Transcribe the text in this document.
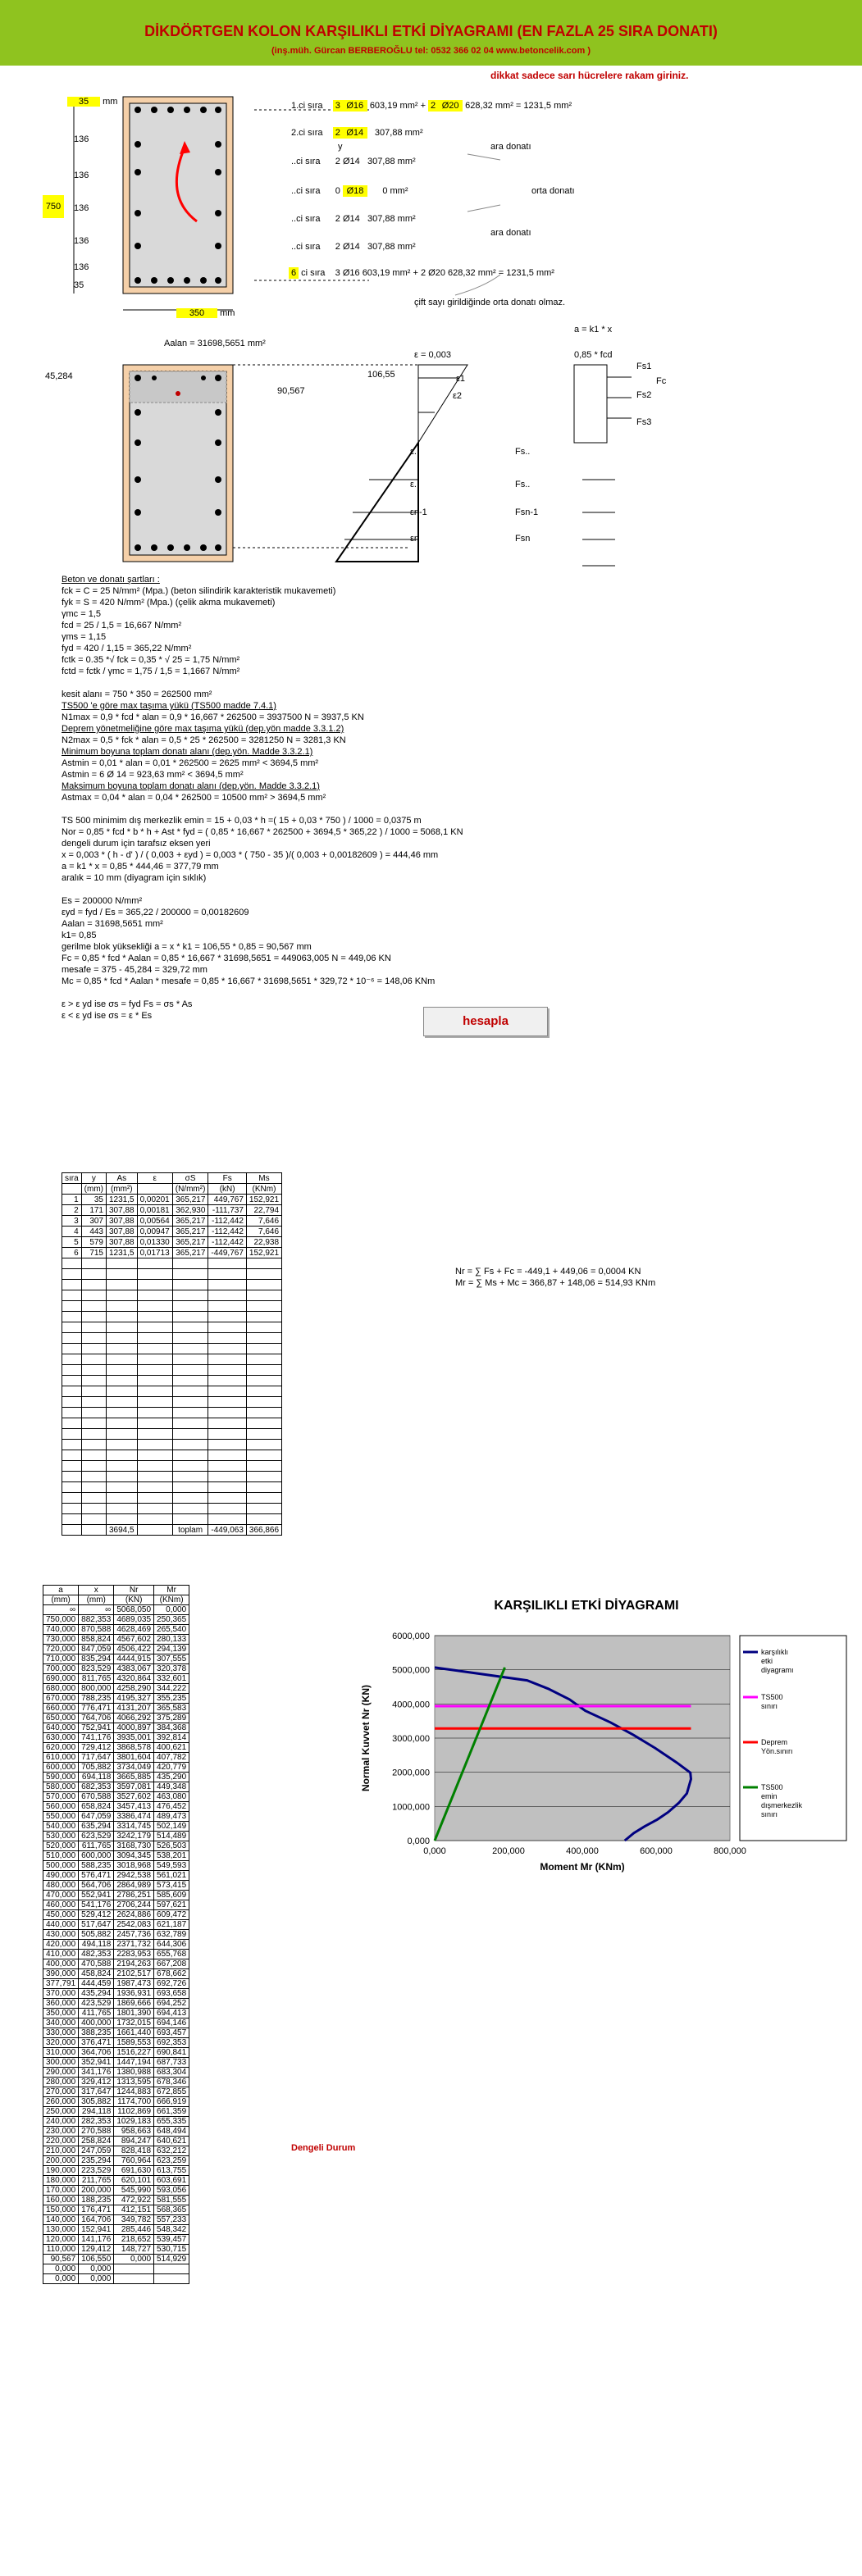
DİKDÖRTGEN KOLON KARŞILIKLI ETKİ DİYAGRAMI (EN FAZLA 25 SIRA DONATI)
(inş.müh. Gürcan BERBEROĞLU tel: 0532 366 02 04 www.betoncelik.com )
dikkat sadece sarı hücrelere rakam giriniz.
35 mm
136
136
136
136
136
35
750
350 mm
1.ci sıra 3 Ø16 603,19 mm² + 2 Ø20 628,32 mm² = 1231,5 mm²
2.ci sıra 2 Ø14 307,88 mm²
..ci sıra 2 Ø14 307,88 mm²
ara donatı
y
..ci sıra 0 Ø18 0 mm²	orta donatı
..ci sıra 2 Ø14 307,88 mm²
..ci sıra 2 Ø14 307,88 mm²
ara donatı
6 ci sıra 3 Ø16 603,19 mm² + 2 Ø20 628,32 mm² = 1231,5 mm²
çift sayı girildiğinde orta donatı olmaz.
Aalan = 31698,5651 mm²
45,284
ε = 0,003
106,55
90,567
a = k1 * x
0,85 * fcd
Fs1
Fc
Fs2
Fs3
ε1
ε2
ε.
ε.
εn-1
εn
Fs..
Fs..
Fsn-1
Fsn
Beton ve donatı şartları :
fck = C = 25 N/mm² (Mpa.) (beton silindirik karakteristik mukavemeti)
fyk = S = 420 N/mm² (Mpa.) (çelik akma mukavemeti)
γmc = 1,5
fcd = 25 / 1,5 = 16,667 N/mm²
γms = 1,15
fyd = 420 / 1,15 = 365,22 N/mm²
fctk = 0.35 *√ fck = 0,35 * √ 25 = 1,75 N/mm²
fctd = fctk / γmc = 1,75 / 1,5 = 1,1667 N/mm²
kesit alanı = 750 * 350 = 262500 mm²
TS500 'e göre max taşıma yükü (TS500 madde 7.4.1)
N1max = 0,9 * fcd * alan = 0,9 * 16,667 * 262500 = 3937500 N = 3937,5 KN
Deprem yönetmeliğine göre max taşıma yükü (dep.yön madde 3.3.1.2)
N2max = 0,5 * fck * alan = 0,5 * 25 * 262500 = 3281250 N = 3281,3 KN
Minimum boyuna toplam donatı alanı (dep.yön. Madde 3.3.2.1)
Astmin = 0,01 * alan = 0,01 * 262500 = 2625 mm² < 3694,5 mm²
Astmin = 6 Ø 14 = 923,63 mm² < 3694,5 mm²
Maksimum boyuna toplam donatı alanı (dep.yön. Madde 3.3.2.1)
Astmax = 0,04 * alan = 0,04 * 262500 = 10500 mm² > 3694,5 mm²
TS 500 minimim dış merkezlik emin = 15 + 0,03 * h =( 15 + 0,03 * 750 ) / 1000 = 0,0375 m
Nor = 0,85 * fcd * b * h + Ast * fyd = ( 0,85 * 16,667 * 262500 + 3694,5 * 365,22 ) / 1000 = 5068,1 KN
dengeli durum için tarafsız eksen yeri
x = 0,003 * ( h - d' ) / ( 0,003 + εyd ) = 0,003 * ( 750 - 35 )/( 0,003 + 0,00182609 ) = 444,46 mm
a = k1 * x = 0,85 * 444,46 = 377,79 mm
aralık = 10 mm (diyagram için sıklık)
Es = 200000 N/mm²
εyd = fyd / Es = 365,22 / 200000 = 0,00182609
Aalan = 31698,5651 mm²
k1= 0,85
gerilme blok yüksekliği a = x * k1 = 106,55 * 0,85 = 90,567 mm
Fc = 0,85 * fcd * Aalan = 0,85 * 16,667 * 31698,5651 = 449063,005 N = 449,06 KN
mesafe = 375 - 45,284 = 329,72 mm
Mc = 0,85 * fcd * Aalan * mesafe = 0,85 * 16,667 * 31698,5651 * 329,72 * 10⁻⁶ = 148,06 KNm
ε > ε yd ise σs = fyd Fs = σs * As
ε < ε yd ise σs = ε * Es	hesapla
sıra	y	As	ε	σS	Fs	Ms
	(mm)	(mm²)		(N/mm²)	(kN)	(KNm)
1	35	1231,5	0,00201	365,217	449,767	152,921
2	171	307,88	0,00181	362,930	-111,737	22,794
3	307	307,88	0,00564	365,217	-112,442	7,646
4	443	307,88	0,00947	365,217	-112,442	7,646
5	579	307,88	0,01330	365,217	-112,442	22,938
6	715	1231,5	0,01713	365,217	-449,767	152,921

		3694,5		toplam	-449,063	366,866
Nr = ∑ Fs + Fc = -449,1 + 449,06 = 0,0004 KN
Mr = ∑ Ms + Mc = 366,87 + 148,06 = 514,93 KNm
a	x	Nr	Mr
(mm)	(mm)	(KN)	(KNm)
∞	∞	5068,050	0,000
750,000	882,353	4689,035	250,365
740,000	870,588	4628,469	265,540
730,000	858,824	4567,602	280,133
720,000	847,059	4506,422	294,139
710,000	835,294	4444,915	307,555
700,000	823,529	4383,067	320,378
690,000	811,765	4320,864	332,601
680,000	800,000	4258,290	344,222
670,000	788,235	4195,327	355,235
660,000	776,471	4131,207	365,583
650,000	764,706	4066,292	375,289
640,000	752,941	4000,897	384,368
630,000	741,176	3935,001	392,814
620,000	729,412	3868,578	400,621
610,000	717,647	3801,604	407,782
600,000	705,882	3734,049	420,779
590,000	694,118	3665,885	435,290
580,000	682,353	3597,081	449,348
570,000	670,588	3527,602	463,080
560,000	658,824	3457,413	476,452
550,000	647,059	3386,474	489,473
540,000	635,294	3314,745	502,149
530,000	623,529	3242,179	514,489
520,000	611,765	3168,730	526,503
510,000	600,000	3094,345	538,201
500,000	588,235	3018,968	549,593
490,000	576,471	2942,538	561,021
480,000	564,706	2864,989	573,415
470,000	552,941	2786,251	585,609
460,000	541,176	2706,244	597,621
450,000	529,412	2624,886	609,472
440,000	517,647	2542,083	621,187
430,000	505,882	2457,736	632,789
420,000	494,118	2371,732	644,306
410,000	482,353	2283,953	655,768
400,000	470,588	2194,263	667,208
390,000	458,824	2102,517	678,662
377,791	444,459	1987,473	692,726
370,000	435,294	1936,931	693,658
360,000	423,529	1869,666	694,252
350,000	411,765	1801,390	694,413
340,000	400,000	1732,015	694,146
330,000	388,235	1661,440	693,457
320,000	376,471	1589,553	692,353
310,000	364,706	1516,227	690,841
300,000	352,941	1447,194	687,733
290,000	341,176	1380,988	683,304
280,000	329,412	1313,595	678,346
270,000	317,647	1244,883	672,855
260,000	305,882	1174,700	666,919
250,000	294,118	1102,869	661,359
240,000	282,353	1029,183	655,335
230,000	270,588	958,663	648,494
220,000	258,824	894,247	640,621
210,000	247,059	828,418	632,212
200,000	235,294	760,964	623,259
190,000	223,529	691,630	613,755
180,000	211,765	620,101	603,691
170,000	200,000	545,990	593,056
160,000	188,235	472,922	581,555
150,000	176,471	412,151	568,365
140,000	164,706	349,782	557,233
130,000	152,941	285,446	548,342
120,000	141,176	218,652	539,457
110,000	129,412	148,727	530,715
90,567	106,550	0,000	514,929
0,000	0,000		
0,000	0,000		
Dengeli Durum
KARŞILIKLI ETKİ DİYAGRAMI
0,000
1000,000
2000,000
3000,000
4000,000
5000,000
6000,000
0,000	200,000	400,000	600,000	800,000
Moment Mr (KNm)
Normal Kuvvet Nr (KN)
karşılıklı
etki
diyagramı
TS500
sınırı
Deprem
Yön.sınırı
TS500
emin
dışmerkezlik
sınırı
